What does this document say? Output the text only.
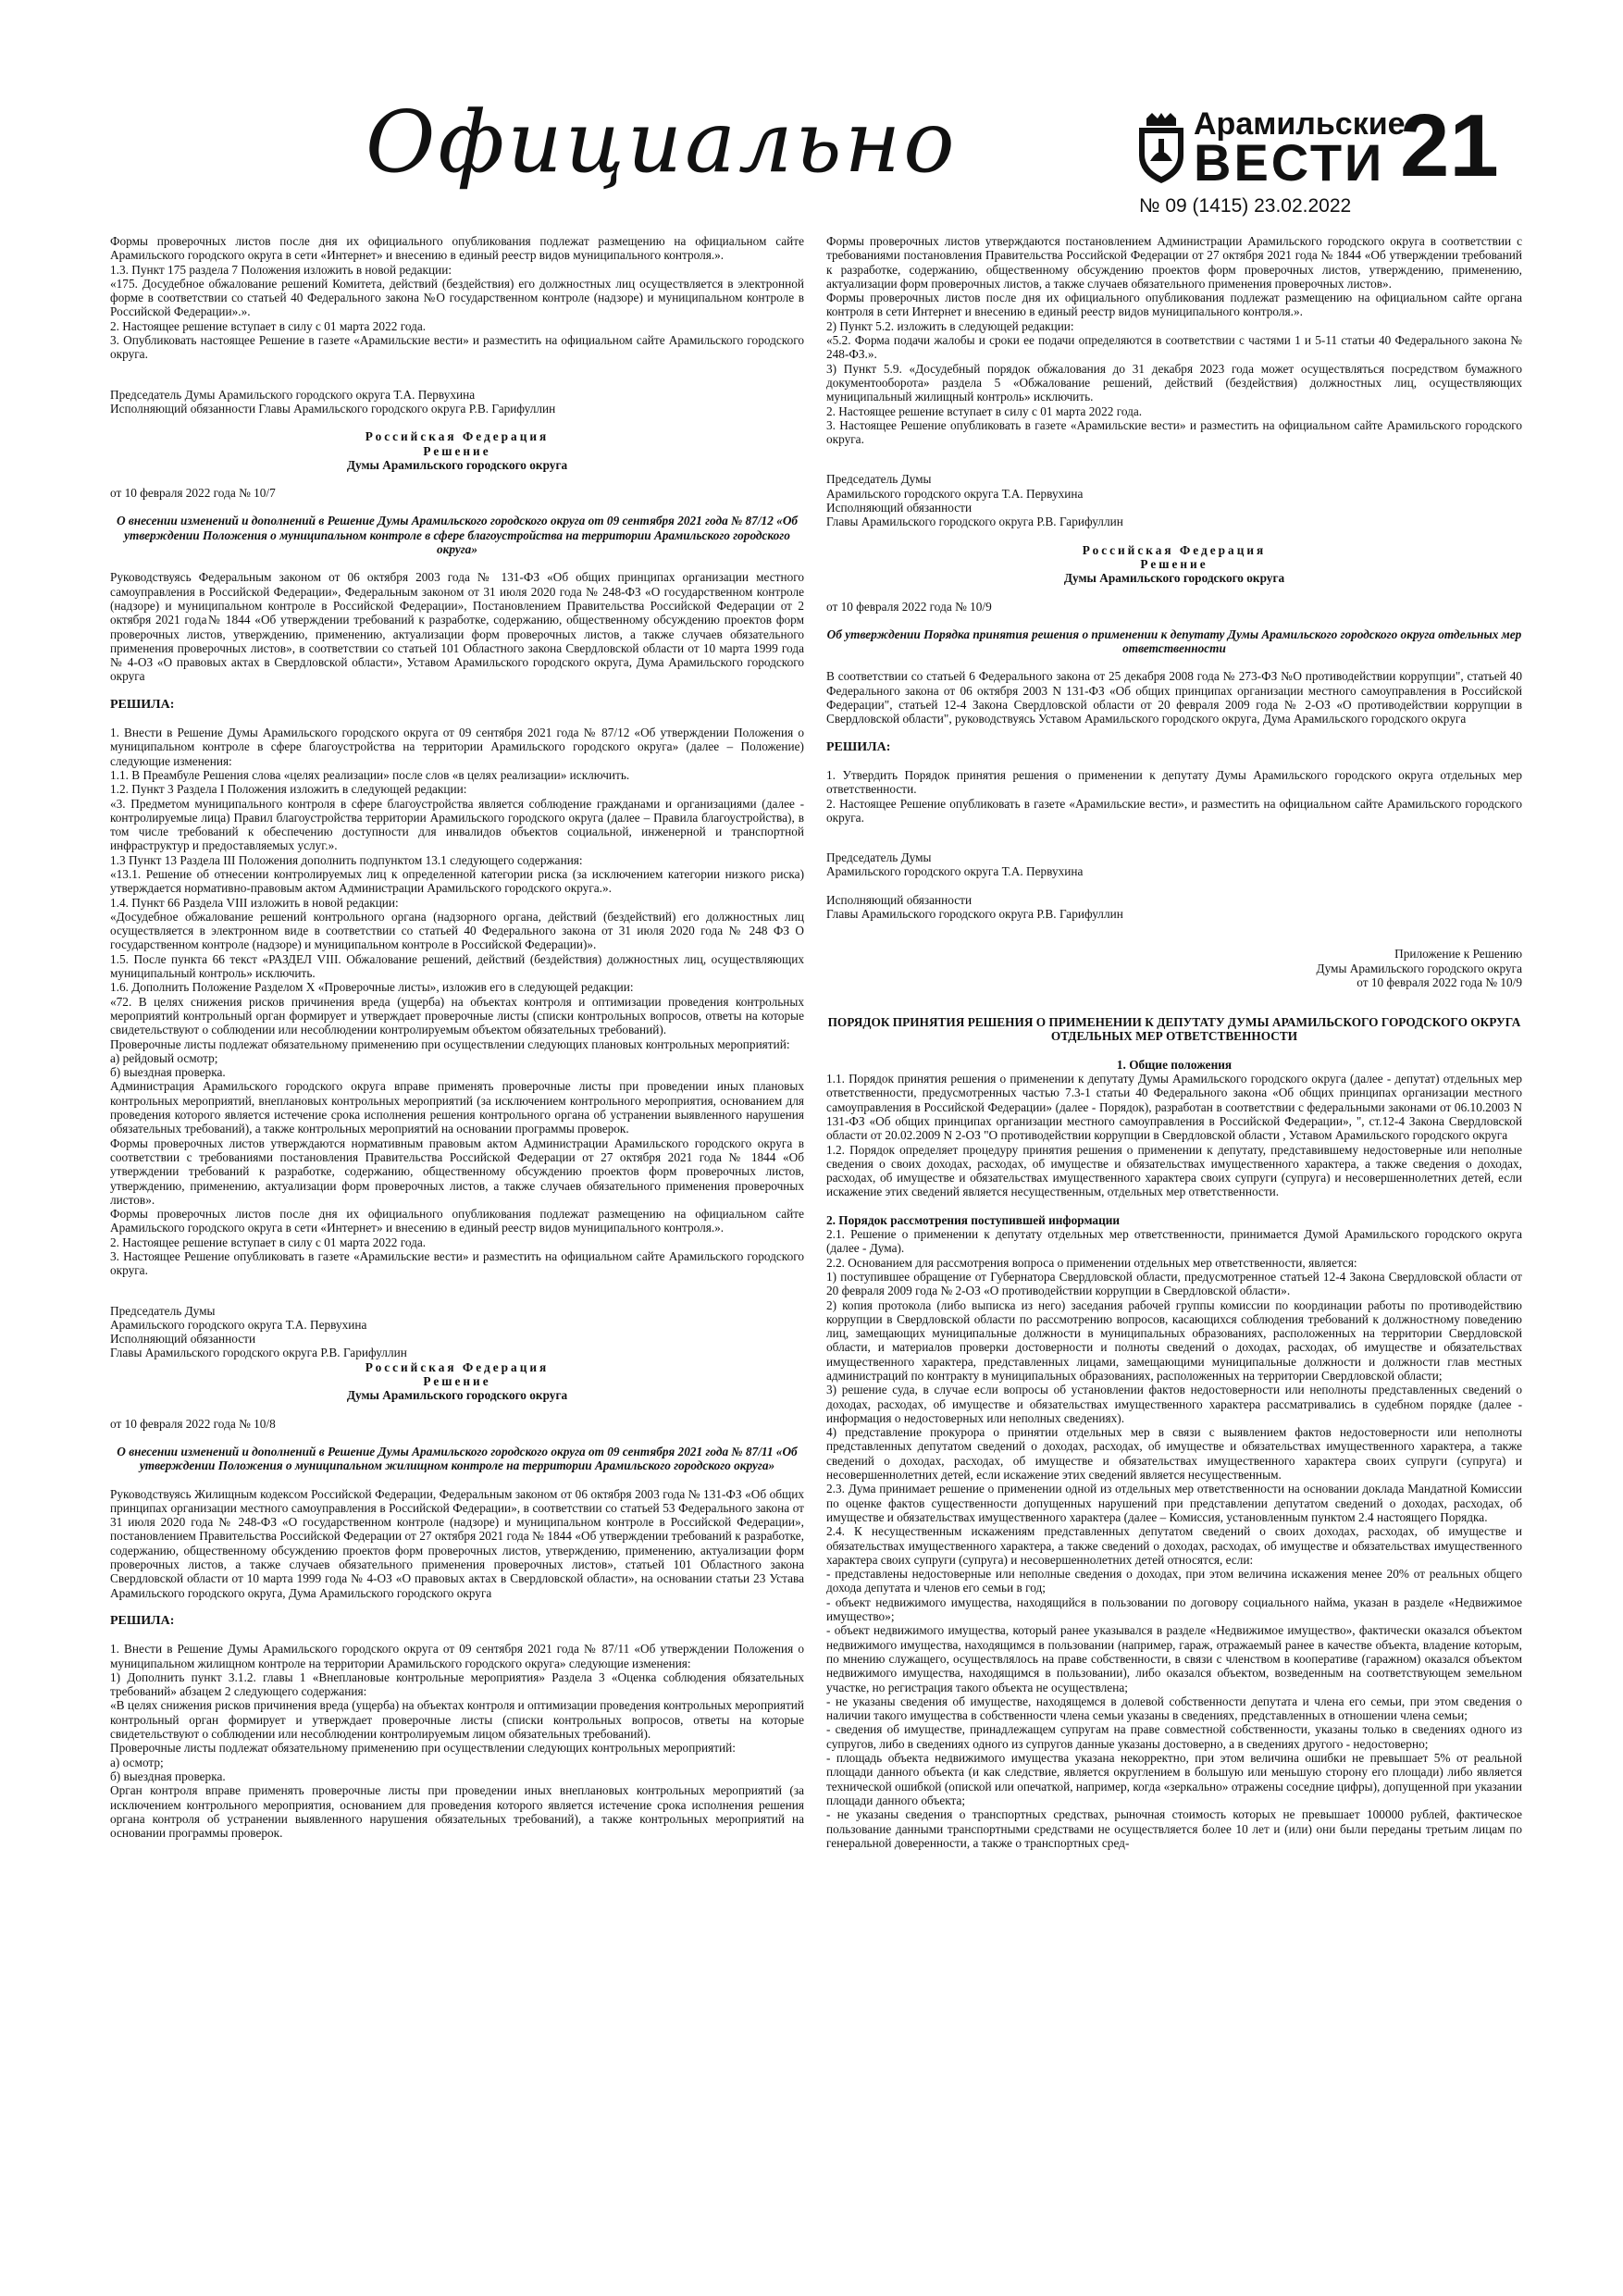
Официально	Арамильские
ВЕСТИ
№ 09 (1415) 23.02.2022
21

Формы проверочных листов после дня их официального опубликования подлежат размещению на официальном сайте Арамильского городского округа в сети «Интернет» и внесению в единый реестр видов муниципального контроля.».

1.3. Пункт 175 раздела 7 Положения изложить в новой редакции:

«175. Досудебное обжалование решений Комитета, действий (бездействия) его должностных лиц осуществляется в электронной форме в соответствии со статьей 40 Федерального закона №О государственном контроле (надзоре) и муниципальном контроле в Российской Федерации».».

2. Настоящее решение вступает в силу с 01 марта 2022 года.

3. Опубликовать настоящее Решение в газете «Арамильские вести» и разместить на официальном сайте Арамильского городского округа.

Председатель Думы Арамильского городского округа Т.А. Первухина

Исполняющий обязанности Главы Арамильского городского округа Р.В. Гарифуллин

Российская Федерация

Решение

Думы Арамильского городского округа

от 10 февраля 2022 года № 10/7

О внесении изменений и дополнений в Решение Думы Арамильского городского округа от 09 сентября 2021 года № 87/12 «Об утверждении Положения о муниципальном контроле в сфере благоустройства на территории Арамильского городского округа»

Руководствуясь Федеральным законом от 06 октября 2003 года № 131-ФЗ «Об общих принципах организации местного самоуправления в Российской Федерации», Федеральным законом от 31 июля 2020 года № 248-ФЗ «О государственном контроле (надзоре) и муниципальном контроле в Российской Федерации», Постановлением Правительства Российской Федерации от 2 октября 2021 года№ 1844 «Об утверждении требований к разработке, содержанию, общественному обсуждению проектов форм проверочных листов, утверждению, применению, актуализации форм проверочных листов, а также случаев обязательного применения проверочных листов», в соответствии со статьей 101 Областного закона Свердловской области от 10 марта 1999 года № 4-ОЗ «О правовых актах в Свердловской области», Уставом Арамильского городского округа, Дума Арамильского городского округа

РЕШИЛА:

1. Внести в Решение Думы Арамильского городского округа от 09 сентября 2021 года № 87/12 «Об утверждении Положения о муниципальном контроле в сфере благоустройства на территории Арамильского городского округа» (далее – Положение) следующие изменения:

1.1. В Преамбуле Решения слова «целях реализации» после слов «в целях реализации» исключить.

1.2. Пункт 3 Раздела I Положения изложить в следующей редакции:

«3. Предметом муниципального контроля в сфере благоустройства является соблюдение гражданами и организациями (далее - контролируемые лица) Правил благоустройства территории Арамильского городского округа (далее – Правила благоустройства), в том числе требований к обеспечению доступности для инвалидов объектов социальной, инженерной и транспортной инфраструктур и предоставляемых услуг.».

1.3 Пункт 13 Раздела III Положения дополнить подпунктом 13.1 следующего содержания:

«13.1. Решение об отнесении контролируемых лиц к определенной категории риска (за исключением категории низкого риска) утверждается нормативно-правовым актом Администрации Арамильского городского округа.».

1.4. Пункт 66 Раздела VIII изложить в новой редакции:

«Досудебное обжалование решений контрольного органа (надзорного органа, действий (бездействий) его должностных лиц осуществляется в электронном виде в соответствии со статьей 40 Федерального закона от 31 июля 2020 года № 248 ФЗ О государственном контроле (надзоре) и муниципальном контроле в Российской Федерации)».

1.5. После пункта 66 текст «РАЗДЕЛ VIII. Обжалование решений, действий (бездействия) должностных лиц, осуществляющих муниципальный контроль» исключить.

1.6. Дополнить Положение Разделом X «Проверочные листы», изложив его в следующей редакции:

«72. В целях снижения рисков причинения вреда (ущерба) на объектах контроля и оптимизации проведения контрольных мероприятий контрольный орган формирует и утверждает проверочные листы (списки контрольных вопросов, ответы на которые свидетельствуют о соблюдении или несоблюдении контролируемым объектом обязательных требований).

Проверочные листы подлежат обязательному применению при осуществлении следующих плановых контрольных мероприятий:

а) рейдовый осмотр;

б) выездная проверка.

Администрация Арамильского городского округа вправе применять проверочные листы при проведении иных плановых контрольных мероприятий, внеплановых контрольных мероприятий (за исключением контрольного мероприятия, основанием для проведения которого является истечение срока исполнения решения контрольного органа об устранении выявленного нарушения обязательных требований), а также контрольных мероприятий на основании программы проверок.

Формы проверочных листов утверждаются нормативным правовым актом Администрации Арамильского городского округа в соответствии с требованиями постановления Правительства Российской Федерации от 27 октября 2021 года № 1844 «Об утверждении требований к разработке, содержанию, общественному обсуждению проектов форм проверочных листов, утверждению, применению, актуализации форм проверочных листов, а также случаев обязательного применения проверочных листов».

Формы проверочных листов после дня их официального опубликования подлежат размещению на официальном сайте Арамильского городского округа в сети «Интернет» и внесению в единый реестр видов муниципального контроля.».

2. Настоящее решение вступает в силу с 01 марта 2022 года.

3. Настоящее Решение опубликовать в газете «Арамильские вести» и разместить на официальном сайте Арамильского городского округа.

Председатель Думы

Арамильского городского округа Т.А. Первухина

Исполняющий обязанности

Главы Арамильского городского округа Р.В. Гарифуллин

Российская Федерация

Решение

Думы Арамильского городского округа

от 10 февраля 2022 года № 10/8

О внесении изменений и дополнений в Решение Думы Арамильского городского округа от 09 сентября 2021 года № 87/11 «Об утверждении Положения о муниципальном жилищном контроле на территории Арамильского городского округа»

Руководствуясь Жилищным кодексом Российской Федерации, Федеральным законом от 06 октября 2003 года № 131-ФЗ «Об общих принципах организации местного самоуправления в Российской Федерации», в соответствии со статьей 53 Федерального закона от 31 июля 2020 года № 248-ФЗ «О государственном контроле (надзоре) и муниципальном контроле в Российской Федерации», постановлением Правительства Российской Федерации от 27 октября 2021 года № 1844 «Об утверждении требований к разработке, содержанию, общественному обсуждению проектов форм проверочных листов, утверждению, применению, актуализации форм проверочных листов, а также случаев обязательного применения проверочных листов», статьей 101 Областного закона Свердловской области от 10 марта 1999 года № 4-ОЗ «О правовых актах в Свердловской области», на основании статьи 23 Устава Арамильского городского округа, Дума Арамильского городского округа

РЕШИЛА:

1. Внести в Решение Думы Арамильского городского округа от 09 сентября 2021 года № 87/11 «Об утверждении Положения о муниципальном жилищном контроле на территории Арамильского городского округа» следующие изменения:

1) Дополнить пункт 3.1.2. главы 1 «Внеплановые контрольные мероприятия» Раздела 3 «Оценка соблюдения обязательных требований» абзацем 2 следующего содержания:

«В целях снижения рисков причинения вреда (ущерба) на объектах контроля и оптимизации проведения контрольных мероприятий контрольный орган формирует и утверждает проверочные листы (списки контрольных вопросов, ответы на которые свидетельствуют о соблюдении или несоблюдении контролируемым лицом обязательных требований).

Проверочные листы подлежат обязательному применению при осуществлении следующих контрольных мероприятий:

а) осмотр;

б) выездная проверка.

Орган контроля вправе применять проверочные листы при проведении иных внеплановых контрольных мероприятий (за исключением контрольного мероприятия, основанием для проведения которого является истечение срока исполнения решения органа контроля об устранении выявленного нарушения обязательных требований), а также контрольных мероприятий на основании программы проверок.

Формы проверочных листов утверждаются постановлением Администрации Арамильского городского округа в соответствии с требованиями постановления Правительства Российской Федерации от 27 октября 2021 года № 1844 «Об утверждении требований к разработке, содержанию, общественному обсуждению проектов форм проверочных листов, утверждению, применению, актуализации форм проверочных листов, а также случаев обязательного применения проверочных листов».

Формы проверочных листов после дня их официального опубликования подлежат размещению на официальном сайте органа контроля в сети Интернет и внесению в единый реестр видов муниципального контроля.».

2) Пункт 5.2. изложить в следующей редакции:

«5.2. Форма подачи жалобы и сроки ее подачи определяются в соответствии с частями 1 и 5-11 статьи 40 Федерального закона № 248-ФЗ.».

3) Пункт 5.9. «Досудебный порядок обжалования до 31 декабря 2023 года может осуществляться посредством бумажного документооборота» раздела 5 «Обжалование решений, действий (бездействия) должностных лиц, осуществляющих муниципальный жилищный контроль» исключить.

2. Настоящее решение вступает в силу с 01 марта 2022 года.

3. Настоящее Решение опубликовать в газете «Арамильские вести» и разместить на официальном сайте Арамильского городского округа.

Председатель Думы

Арамильского городского округа Т.А. Первухина

Исполняющий обязанности

Главы Арамильского городского округа Р.В. Гарифуллин

Российская Федерация

Решение

Думы Арамильского городского округа

от 10 февраля 2022 года № 10/9

Об утверждении Порядка принятия решения о применении к депутату Думы Арамильского городского округа отдельных мер ответственности

В соответствии со статьей 6 Федерального закона от 25 декабря 2008 года № 273-ФЗ №О противодействии коррупции", статьей 40 Федерального закона от 06 октября 2003 N 131-ФЗ «Об общих принципах организации местного самоуправления в Российской Федерации", статьей 12-4 Закона Свердловской области от 20 февраля 2009 года № 2-ОЗ «О противодействии коррупции в Свердловской области", руководствуясь Уставом Арамильского городского округа, Дума Арамильского городского округа

РЕШИЛА:

1. Утвердить Порядок принятия решения о применении к депутату Думы Арамильского городского округа отдельных мер ответственности.

2. Настоящее Решение опубликовать в газете «Арамильские вести», и разместить на официальном сайте Арамильского городского округа.

Председатель Думы

Арамильского городского округа Т.А. Первухина

Исполняющий обязанности

Главы Арамильского городского округа Р.В. Гарифуллин

Приложение к Решению

Думы Арамильского городского округа

от 10 февраля 2022 года № 10/9

ПОРЯДОК ПРИНЯТИЯ РЕШЕНИЯ О ПРИМЕНЕНИИ К ДЕПУТАТУ ДУМЫ АРАМИЛЬСКОГО ГОРОДСКОГО ОКРУГА ОТДЕЛЬНЫХ МЕР ОТВЕТСТВЕННОСТИ

1. Общие положения

1.1. Порядок принятия решения о применении к депутату Думы Арамильского городского округа (далее - депутат) отдельных мер ответственности, предусмотренных частью 7.3-1 статьи 40 Федерального закона «Об общих принципах организации местного самоуправления в Российской Федерации» (далее - Порядок), разработан в соответствии с федеральными законами от 06.10.2003 N 131-ФЗ «Об общих принципах организации местного самоуправления в Российской Федерации», ", ст.12-4 Закона Свердловской области от 20.02.2009 N 2-ОЗ "О противодействии коррупции в Свердловской области , Уставом Арамильского городского округа

1.2. Порядок определяет процедуру принятия решения о применении к депутату, представившему недостоверные или неполные сведения о своих доходах, расходах, об имуществе и обязательствах имущественного характера, а также сведения о доходах, расходах, об имуществе и обязательствах имущественного характера своих супруги (супруга) и несовершеннолетних детей, если искажение этих сведений является несущественным, отдельных мер ответственности.

2. Порядок рассмотрения поступившей информации

2.1. Решение о применении к депутату отдельных мер ответственности, принимается Думой Арамильского городского округа (далее - Дума).

2.2. Основанием для рассмотрения вопроса о применении отдельных мер ответственности, является:

1) поступившее обращение от Губернатора Свердловской области, предусмотренное статьей 12-4 Закона Свердловской области от 20 февраля 2009 года № 2-ОЗ «О противодействии коррупции в Свердловской области».

2) копия протокола (либо выписка из него) заседания рабочей группы комиссии по координации работы по противодействию коррупции в Свердловской области по рассмотрению вопросов, касающихся соблюдения требований к должностному поведению лиц, замещающих муниципальные должности в муниципальных образованиях, расположенных на территории Свердловской области, и материалов проверки достоверности и полноты сведений о доходах, расходах, об имуществе и обязательствах имущественного характера, представленных лицами, замещающими муниципальные должности и должности глав местных администраций по контракту в муниципальных образованиях, расположенных на территории Свердловской области;

3) решение суда, в случае если вопросы об установлении фактов недостоверности или неполноты представленных сведений о доходах, расходах, об имуществе и обязательствах имущественного характера рассматривались в судебном порядке (далее - информация о недостоверных или неполных сведениях).

4) представление прокурора о принятии отдельных мер в связи с выявлением фактов недостоверности или неполноты представленных депутатом сведений о доходах, расходах, об имуществе и обязательствах имущественного характера, а также сведений о доходах, расходах, об имуществе и обязательствах имущественного характера своих супруги (супруга) и несовершеннолетних детей, если искажение этих сведений является несущественным.

2.3. Дума принимает решение о применении одной из отдельных мер ответственности на основании доклада Мандатной Комиссии по оценке фактов существенности допущенных нарушений при представлении депутатом сведений о доходах, расходах, об имуществе и обязательствах имущественного характера (далее – Комиссия, установленным пунктом 2.4 настоящего Порядка.

2.4. К несущественным искажениям представленных депутатом сведений о своих доходах, расходах, об имуществе и обязательствах имущественного характера, а также сведений о доходах, расходах, об имуществе и обязательствах имущественного характера своих супруги (супруга) и несовершеннолетних детей относятся, если:

- представлены недостоверные или неполные сведения о доходах, при этом величина искажения менее 20% от реальных общего дохода депутата и членов его семьи в год;

- объект недвижимого имущества, находящийся в пользовании по договору социального найма, указан в разделе «Недвижимое имущество»;

- объект недвижимого имущества, который ранее указывался в разделе «Недвижимое имущество», фактически оказался объектом недвижимого имущества, находящимся в пользовании (например, гараж, отражаемый ранее в качестве объекта, владение которым, по мнению служащего, осуществлялось на праве собственности, в связи с членством в кооперативе (гаражном) оказался объектом недвижимого имущества, находящимся в пользовании), либо оказался объектом, возведенным на соответствующем земельном участке, но регистрация такого объекта не осуществлена;

- не указаны сведения об имуществе, находящемся в долевой собственности депутата и члена его семьи, при этом сведения о наличии такого имущества в собственности члена семьи указаны в сведениях, представленных в отношении члена семьи;

- сведения об имуществе, принадлежащем супругам на праве совместной собственности, указаны только в сведениях одного из супругов, либо в сведениях одного из супругов данные указаны достоверно, а в сведениях другого - недостоверно;

- площадь объекта недвижимого имущества указана некорректно, при этом величина ошибки не превышает 5% от реальной площади данного объекта (и как следствие, является округлением в большую или меньшую сторону его площади) либо является технической ошибкой (опиской или опечаткой, например, когда «зеркально» отражены соседние цифры), допущенной при указании площади данного объекта;

- не указаны сведения о транспортных средствах, рыночная стоимость которых не превышает 100000 рублей, фактическое пользование данными транспортными средствами не осуществляется более 10 лет и (или) они были переданы третьим лицам по генеральной доверенности, а также о транспортных сред-
